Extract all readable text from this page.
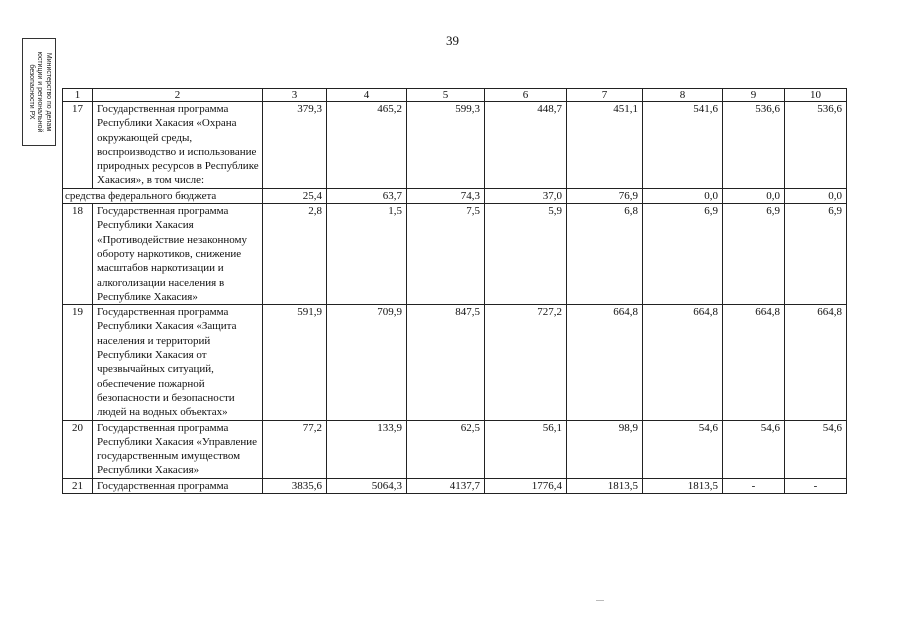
39
Министерство по делам юстиции и региональной безопасности РХ	1	2	3	4	5	6	7	8	9	10
17	Государственная программа Республики Хакасия «Охрана окружающей среды, воспроизводство и использование природных ресурсов в Республике Хакасия», в том числе:	379,3	465,2	599,3	448,7	451,1	541,6	536,6	536,6
средства федерального бюджета		25,4	63,7	74,3	37,0	76,9	0,0	0,0	0,0
18	Государственная программа Республики Хакасия «Противодействие незаконному обороту наркотиков, снижение масштабов наркотизации и алкоголизации населения в Республике Хакасия»	2,8	1,5	7,5	5,9	6,8	6,9	6,9	6,9
19	Государственная программа Республики Хакасия «Защита населения и территорий Республики Хакасия от чрезвычайных ситуаций, обеспечение пожарной безопасности и безопасности людей на водных объектах»	591,9	709,9	847,5	727,2	664,8	664,8	664,8	664,8
20	Государственная программа Республики Хакасия «Управление государственным имуществом Республики Хакасия»	77,2	133,9	62,5	56,1	98,9	54,6	54,6	54,6
21	Государственная программа	3835,6	5064,3	4137,7	1776,4	1813,5	1813,5	-	-
